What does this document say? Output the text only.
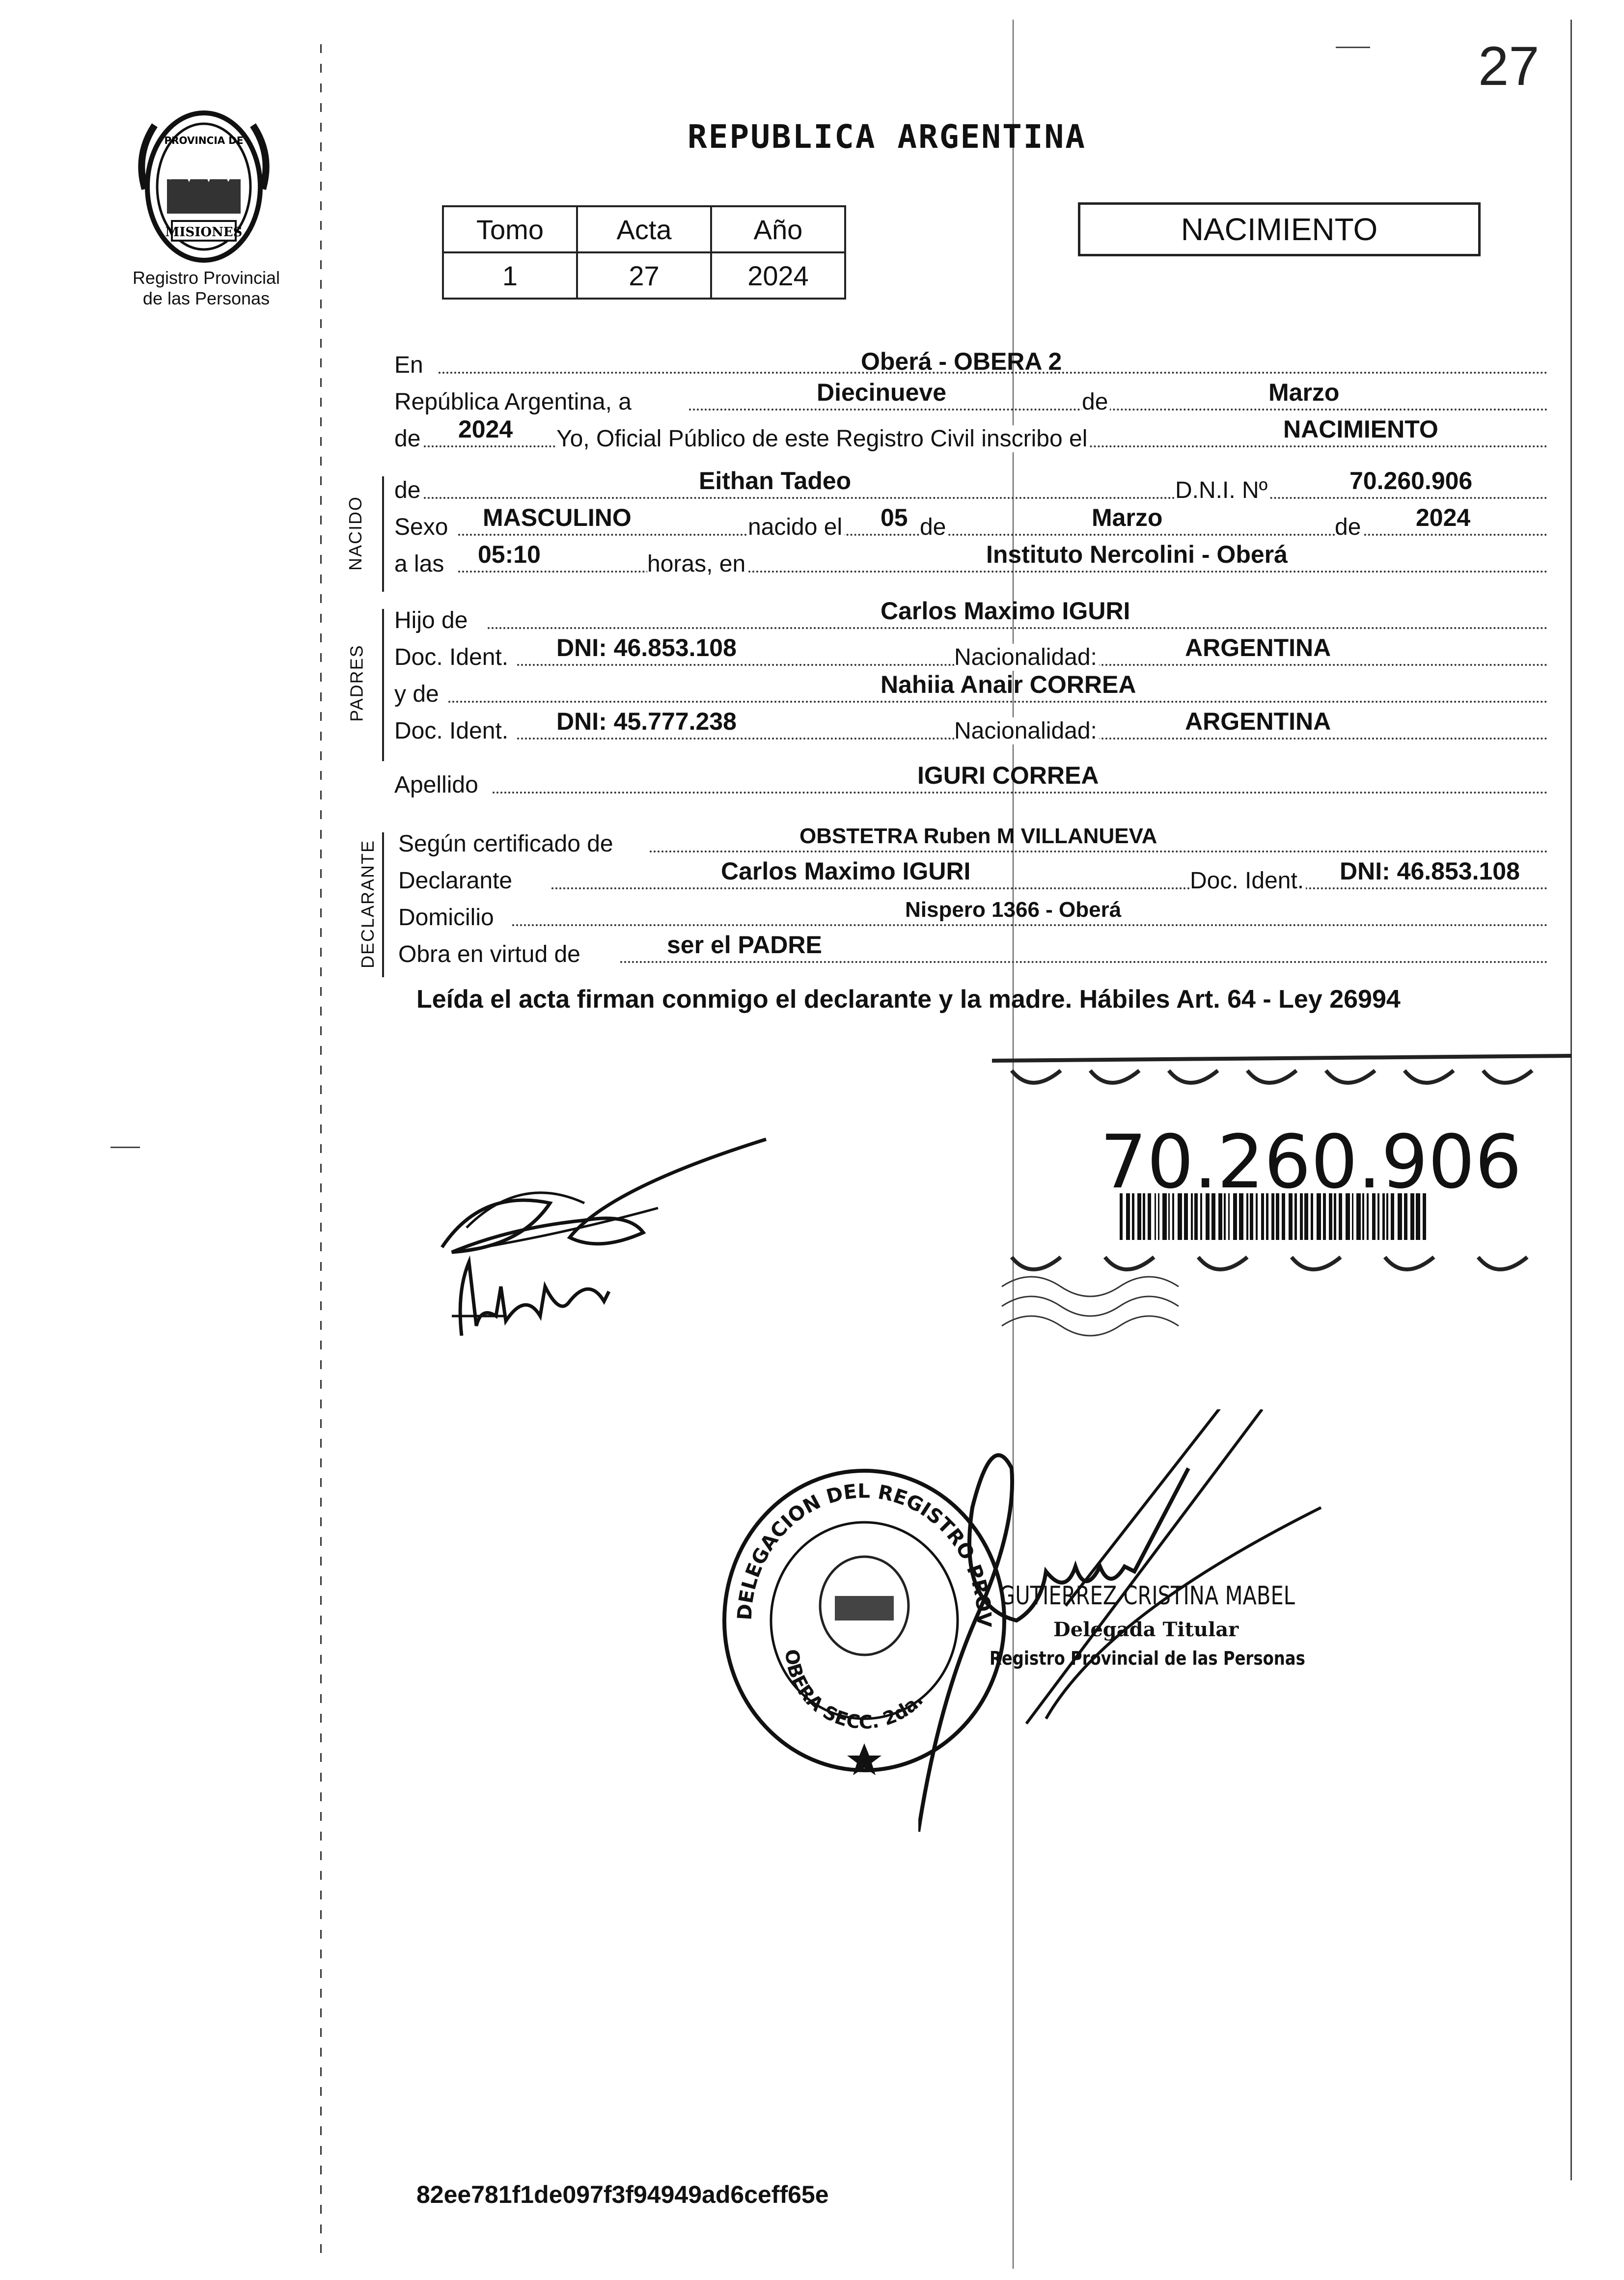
27
MISIONES
PROVINCIA DE
Registro Provincial
de las Personas
REPUBLICA ARGENTINA
Tomo	Acta	Año
1	27	2024
NACIMIENTO
En	Oberá - OBERA 2
República Argentina, a	Diecinueve	de	Marzo
de 2024 Yo, Oficial Público de este Registro Civil inscribo el	NACIMIENTO
NACIDO
de	Eithan Tadeo	D.N.I. Nº	70.260.906
Sexo MASCULINO	nacido el 05 de	Marzo	de 2024
a las 05:10	horas, en	Instituto Nercolini - Oberá
PADRES
Hijo de	Carlos Maximo IGURI
Doc. Ident. DNI: 46.853.108	Nacionalidad:	ARGENTINA
y de	Nahiia Anair CORREA
Doc. Ident. DNI: 45.777.238	Nacionalidad:	ARGENTINA
Apellido	IGURI CORREA
DECLARANTE Según certificado de	OBSTETRA Ruben M VILLANUEVA
Declarante	Carlos Maximo IGURI	Doc. Ident. DNI: 46.853.108
Domicilio	Nispero 1366 - Oberá
Obra en virtud de	ser el PADRE
Leída el acta firman conmigo el declarante y la madre. Hábiles Art. 64 - Ley 26994
70.260.906
DELEGACION DEL REGISTRO PROV
OBERA SECC. 2da.
GUTIERREZ CRISTINA MABEL
Delegada Titular
Registro Provincial de las Personas
82ee781f1de097f3f94949ad6ceff65e
